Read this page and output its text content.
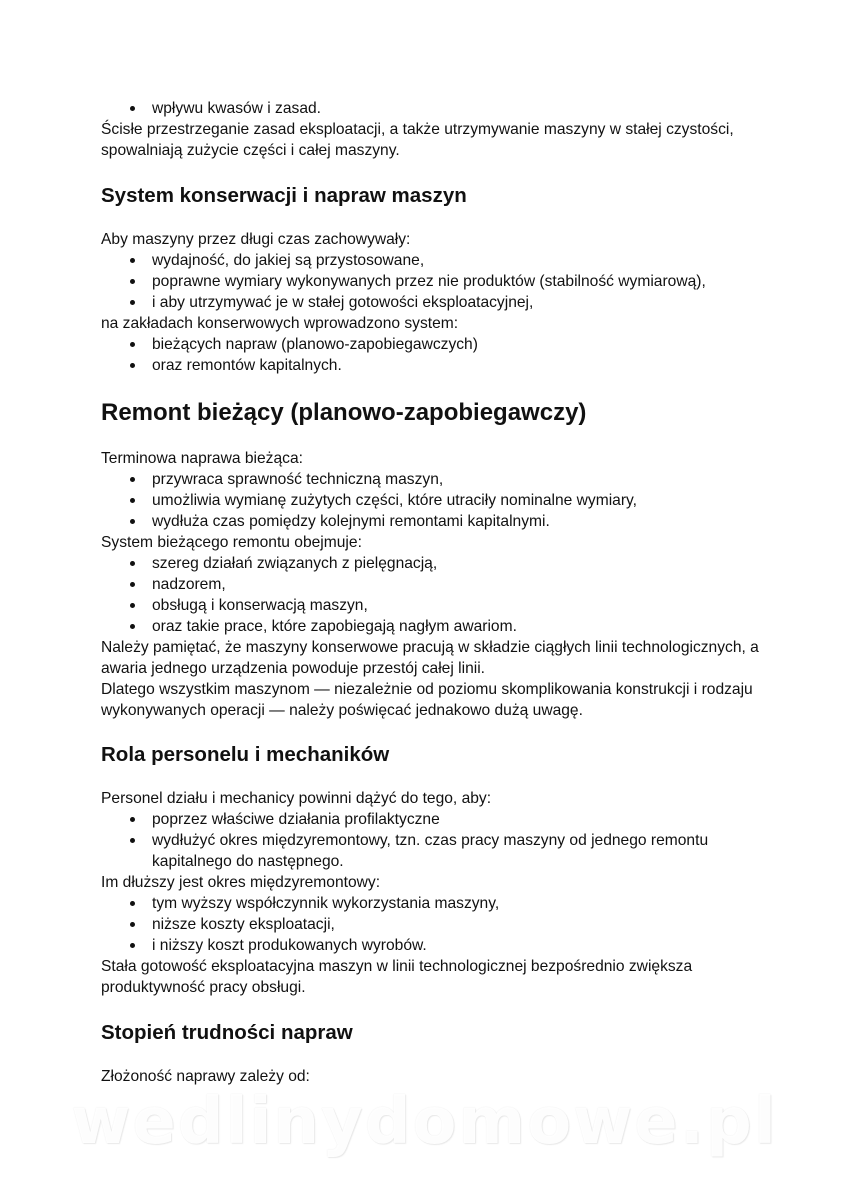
wpływu kwasów i zasad.

Ścisłe przestrzeganie zasad eksploatacji, a także utrzymywanie maszyny w stałej czystości, spowalniają zużycie części i całej maszyny.

System konserwacji i napraw maszyn

Aby maszyny przez długi czas zachowywały:

wydajność, do jakiej są przystosowane,
poprawne wymiary wykonywanych przez nie produktów (stabilność wymiarową),
i aby utrzymywać je w stałej gotowości eksploatacyjnej,

na zakładach konserwowych wprowadzono system:

bieżących napraw (planowo-zapobiegawczych)
oraz remontów kapitalnych.
Remont bieżący (planowo-zapobiegawczy)

Terminowa naprawa bieżąca:

przywraca sprawność techniczną maszyn,
umożliwia wymianę zużytych części, które utraciły nominalne wymiary,
wydłuża czas pomiędzy kolejnymi remontami kapitalnymi.

System bieżącego remontu obejmuje:

szereg działań związanych z pielęgnacją,
nadzorem,
obsługą i konserwacją maszyn,
oraz takie prace, które zapobiegają nagłym awariom.

Należy pamiętać, że maszyny konserwowe pracują w składzie ciągłych linii technologicznych, a awaria jednego urządzenia powoduje przestój całej linii.

Dlatego wszystkim maszynom — niezależnie od poziomu skomplikowania konstrukcji i rodzaju wykonywanych operacji — należy poświęcać jednakowo dużą uwagę.

Rola personelu i mechaników

Personel działu i mechanicy powinni dążyć do tego, aby:

poprzez właściwe działania profilaktyczne
wydłużyć okres międzyremontowy, tzn. czas pracy maszyny od jednego remontu kapitalnego do następnego.

Im dłuższy jest okres międzyremontowy:

tym wyższy współczynnik wykorzystania maszyny,
niższe koszty eksploatacji,
i niższy koszt produkowanych wyrobów.

Stała gotowość eksploatacyjna maszyn w linii technologicznej bezpośrednio zwiększa produktywność pracy obsługi.

Stopień trudności napraw

Złożoność naprawy zależy od:

wedlinydomowe.pl
